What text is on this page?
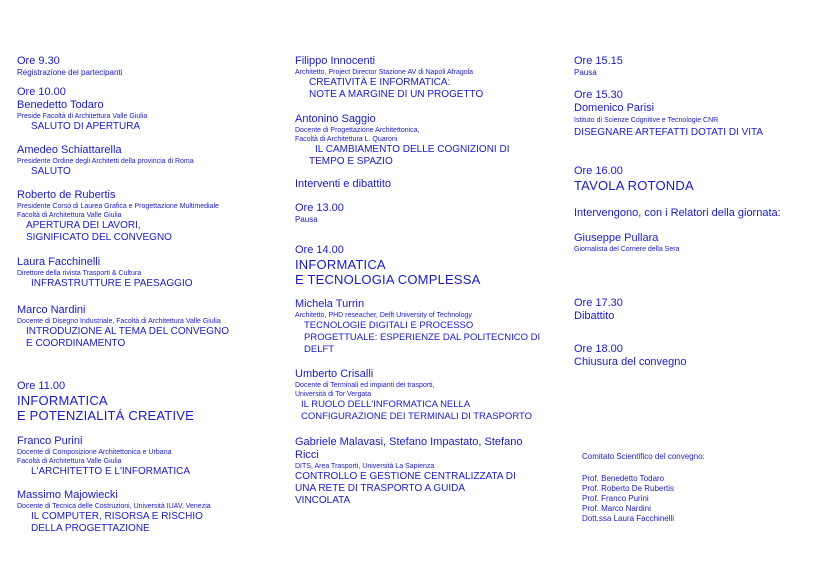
Ore 9.30
Registrazione dei partecipanti
Ore 10.00
Benedetto Todaro
Preside Facoltà di Architettura Valle Giulia
SALUTO DI APERTURA
Amedeo Schiattarella
Presidente Ordine degli Architetti della provincia di Roma
SALUTO
Roberto de Rubertis
Presidente Corso di Laurea Grafica e Progettazione Multimediale
Facoltà di Architettura Valle Giulia
APERTURA DEI LAVORI,
SIGNIFICATO DEL CONVEGNO
Laura Facchinelli
Direttore della rivista Trasporti & Cultura
INFRASTRUTTURE E PAESAGGIO
Marco Nardini
Docente di Disegno Industriale, Facoltà di Architettura Valle Giulia
INTRODUZIONE AL TEMA DEL CONVEGNO
E COORDINAMENTO
Ore 11.00
INFORMATICA
E POTENZIALITÁ CREATIVE
Franco Purini
Docente di Composizione Architettonica e Urbana
Facoltà di Architettura Valle Giulia
L'ARCHITETTO E L'INFORMATICA
Massimo Majowiecki
Docente di Tecnica delle Costruzioni, Università IUAV, Venezia
IL COMPUTER, RISORSA E RISCHIO
DELLA PROGETTAZIONE
Filippo Innocenti
Architetto, Project Director Stazione AV di Napoli Afragola
CREATIVITÀ E INFORMATICA:
NOTE A MARGINE DI UN PROGETTO
Antonino Saggio
Docente di Progettazione Architettonica,
Facoltà di Architettura L. Quaroni
IL CAMBIAMENTO DELLE COGNIZIONI DI
TEMPO E SPAZIO
Interventi e dibattito
Ore 13.00
Pausa
Ore 14.00
INFORMATICA
E TECNOLOGIA COMPLESSA
Michela Turrin
Architetto, PHD reseacher, Delft University of Technology
TECNOLOGIE DIGITALI E PROCESSO
PROGETTUALE: ESPERIENZE DAL POLITECNICO DI
DELFT
Umberto Crisalli
Docente di Terminali ed impianti dei trasporti,
Università di Tor Vergata
IL RUOLO DELL'INFORMATICA NELLA
CONFIGURAZIONE DEI TERMINALI DI TRASPORTO
Gabriele Malavasi, Stefano Impastato, Stefano
Ricci
DITS, Area Trasporti, Università La Sapienza
CONTROLLO E GESTIONE CENTRALIZZATA DI
UNA RETE DI TRASPORTO A GUIDA
VINCOLATA
Ore 15.15
Pausa
Ore 15.30
Domenico Parisi
Istituto di Scienze Cognitive e Tecnologie CNR
DISEGNARE ARTEFATTI DOTATI DI VITA
Ore 16.00
TAVOLA ROTONDA
Intervengono, con i Relatori della giornata:
Giuseppe Pullara
Giornalista del Corriere della Sera
Ore 17.30
Dibattito
Ore 18.00
Chiusura del convegno
Comitato Scientifico del convegno:
Prof. Benedetto Todaro
Prof. Roberto De Rubertis
Prof. Franco Purini
Prof. Marco Nardini
Dott.ssa Laura Facchinelli
